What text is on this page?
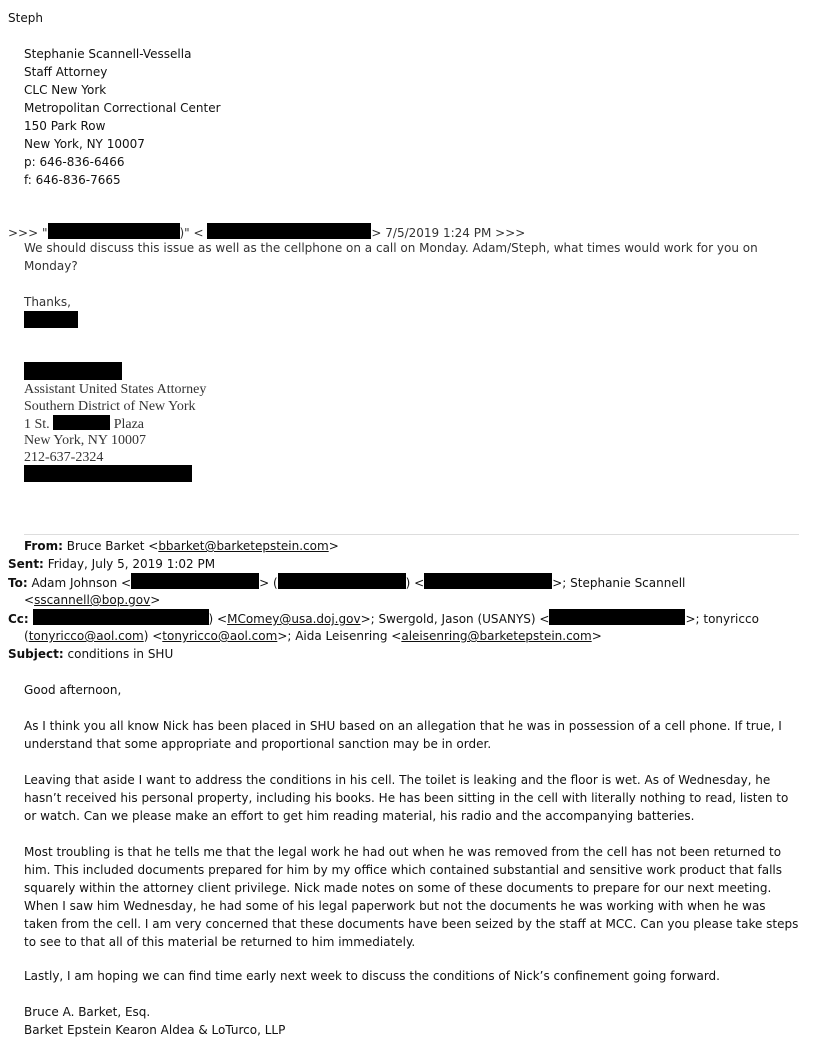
Steph
Stephanie Scannell-Vessella
Staff Attorney
CLC New York
Metropolitan Correctional Center
150 Park Row
New York, NY 10007
p: 646-836-6466
f: 646-836-7665
>>> "	)" <	> 7/5/2019 1:24 PM >>>
We should discuss this issue as well as the cellphone on a call on Monday. Adam/Steph, what times would work for you on Monday?
Thanks,
Assistant United States Attorney
Southern District of New York
1 St.	Plaza
New York, NY 10007
212-637-2324
From: Bruce Barket <bbarket@barketepstein.com>
Sent: Friday, July 5, 2019 1:02 PM
To: Adam Johnson <	> (	) <	>; Stephanie Scannell
<sscannell@bop.gov>
Cc:	) <MComey@usa.doj.gov>; Swergold, Jason (USANYS) <	>; tonyricco
(tonyricco@aol.com) <tonyricco@aol.com>; Aida Leisenring <aleisenring@barketepstein.com>
Subject: conditions in SHU
Good afternoon,
As I think you all know Nick has been placed in SHU based on an allegation that he was in possession of a cell phone. If true, I understand that some appropriate and proportional sanction may be in order.
Leaving that aside I want to address the conditions in his cell. The toilet is leaking and the floor is wet. As of Wednesday, he hasn’t received his personal property, including his books. He has been sitting in the cell with literally nothing to read, listen to or watch. Can we please make an effort to get him reading material, his radio and the accompanying batteries.
Most troubling is that he tells me that the legal work he had out when he was removed from the cell has not been returned to him. This included documents prepared for him by my office which contained substantial and sensitive work product that falls squarely within the attorney client privilege. Nick made notes on some of these documents to prepare for our next meeting. When I saw him Wednesday, he had some of his legal paperwork but not the documents he was working with when he was taken from the cell. I am very concerned that these documents have been seized by the staff at MCC. Can you please take steps to see to that all of this material be returned to him immediately.
Lastly, I am hoping we can find time early next week to discuss the conditions of Nick’s confinement going forward.
Bruce A. Barket, Esq.
Barket Epstein Kearon Aldea & LoTurco, LLP
